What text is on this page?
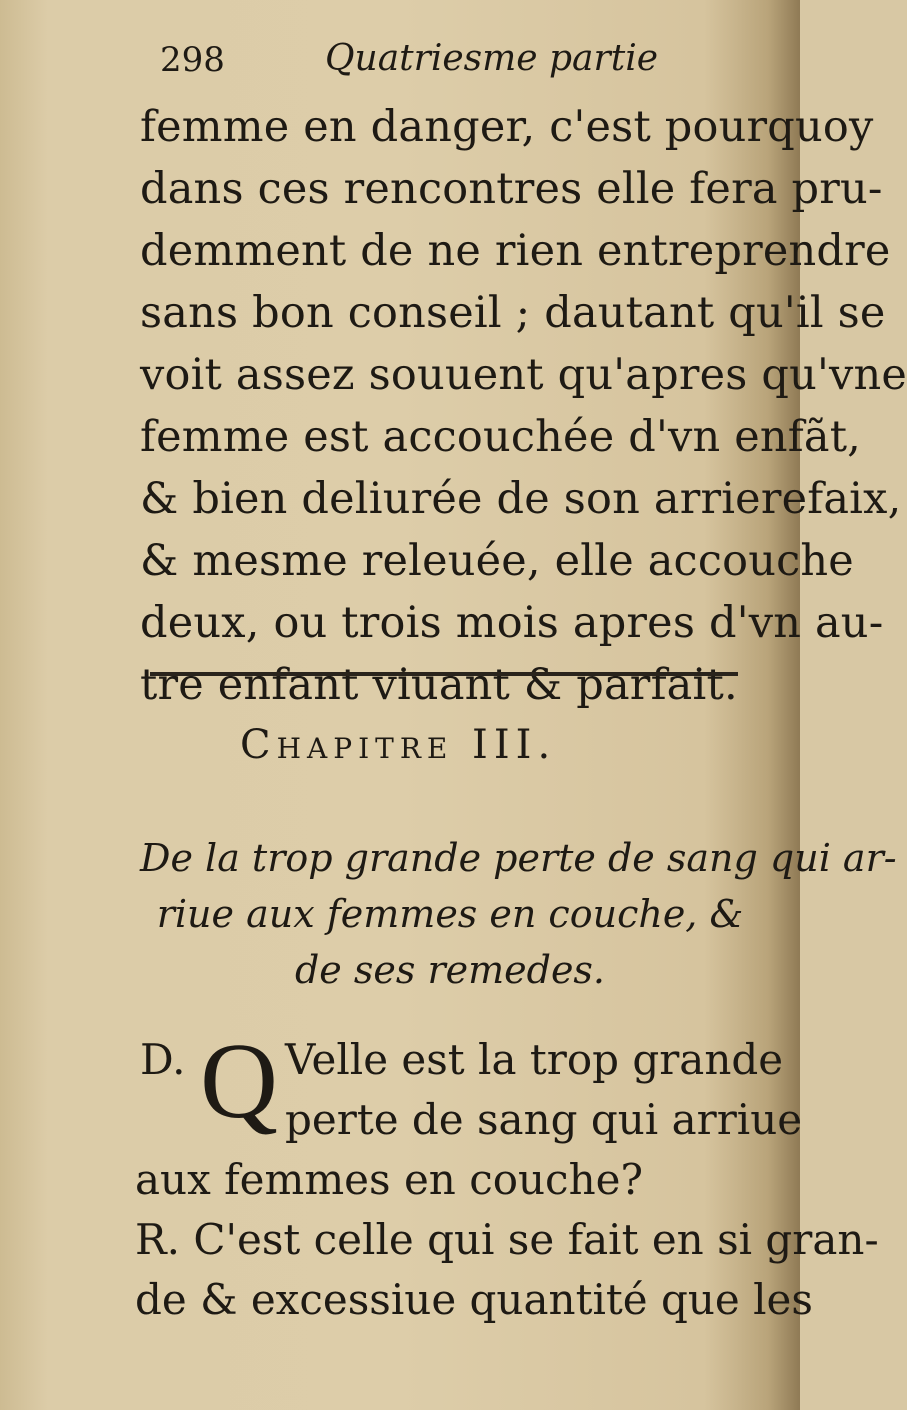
298	Quatriesme partie
femme en danger, c'est pourquoy
dans ces rencontres elle fera pru-
demment de ne rien entreprendre
sans bon conseil ; dautant qu'il se
voit assez souuent qu'apres qu'vne
femme est accouchée d'vn enfãt,
& bien deliurée de son arrierefaix,
& mesme releuée, elle accouche
deux, ou trois mois apres d'vn au-
tre enfant viuant & parfait.
Chapitre III.
De la trop grande perte de sang qui ar-
riue aux femmes en couche, &
de ses remedes.
D. Q Velle est la trop grande
perte de sang qui arriue
aux femmes en couche?
R. C'est celle qui se fait en si gran-
de & excessiue quantité que les
